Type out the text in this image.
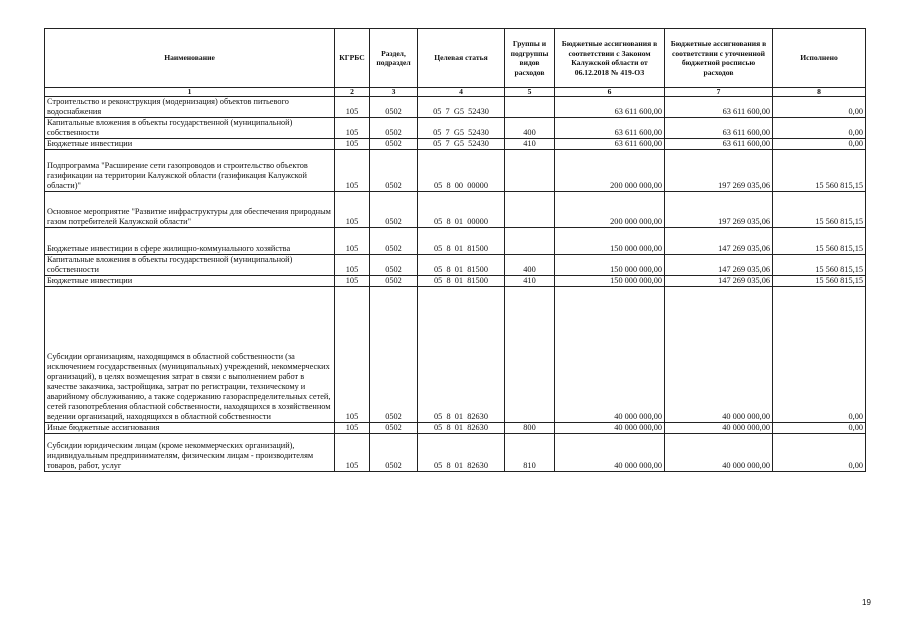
Наименование	КГРБС	Раздел, подраздел	Целевая статья	Группы и подгруппы видов расходов	Бюджетные ассигнования в соответствии с Законом Калужской области от 06.12.2018 № 419-ОЗ	Бюджетные ассигнования в соответствии с уточненной бюджетной росписью расходов	Исполнено
1	2	3	4	5	6	7	8
Строительство и реконструкция (модернизация) объектов питьевого водоснабжения	105	0502	05  7  G5  52430		63 611 600,00	63 611 600,00	0,00
Капитальные вложения в объекты государственной (муниципальной) собственности	105	0502	05  7  G5  52430	400	63 611 600,00	63 611 600,00	0,00
Бюджетные инвестиции	105	0502	05  7  G5  52430	410	63 611 600,00	63 611 600,00	0,00
Подпрограмма "Расширение сети газопроводов и строительство объектов газификации на территории Калужской области (газификация Калужской области)"	105	0502	05  8  00  00000		200 000 000,00	197 269 035,06	15 560 815,15
Основное мероприятие "Развитие инфраструктуры для обеспечения природным газом потребителей Калужской области"	105	0502	05  8  01  00000		200 000 000,00	197 269 035,06	15 560 815,15
Бюджетные инвестиции в сфере жилищно-коммунального хозяйства	105	0502	05  8  01  81500		150 000 000,00	147 269 035,06	15 560 815,15
Капитальные вложения в объекты государственной (муниципальной) собственности	105	0502	05  8  01  81500	400	150 000 000,00	147 269 035,06	15 560 815,15
Бюджетные инвестиции	105	0502	05  8  01  81500	410	150 000 000,00	147 269 035,06	15 560 815,15
Субсидии организациям, находящимся в областной собственности (за исключением государственных (муниципальных) учреждений, некоммерческих организаций), в целях возмещения затрат в связи с выполнением работ в качестве заказчика, застройщика, затрат по регистрации, техническому и аварийному обслуживанию, а также содержанию газораспределительных сетей, сетей газопотребления областной собственности, находящихся в хозяйственном ведении организаций, находящихся в областной собственности	105	0502	05  8  01  82630		40 000 000,00	40 000 000,00	0,00
Иные бюджетные ассигнования	105	0502	05  8  01  82630	800	40 000 000,00	40 000 000,00	0,00
Субсидии юридическим лицам (кроме некоммерческих организаций), индивидуальным предпринимателям, физическим лицам - производителям товаров, работ, услуг	105	0502	05  8  01  82630	810	40 000 000,00	40 000 000,00	0,00
19
